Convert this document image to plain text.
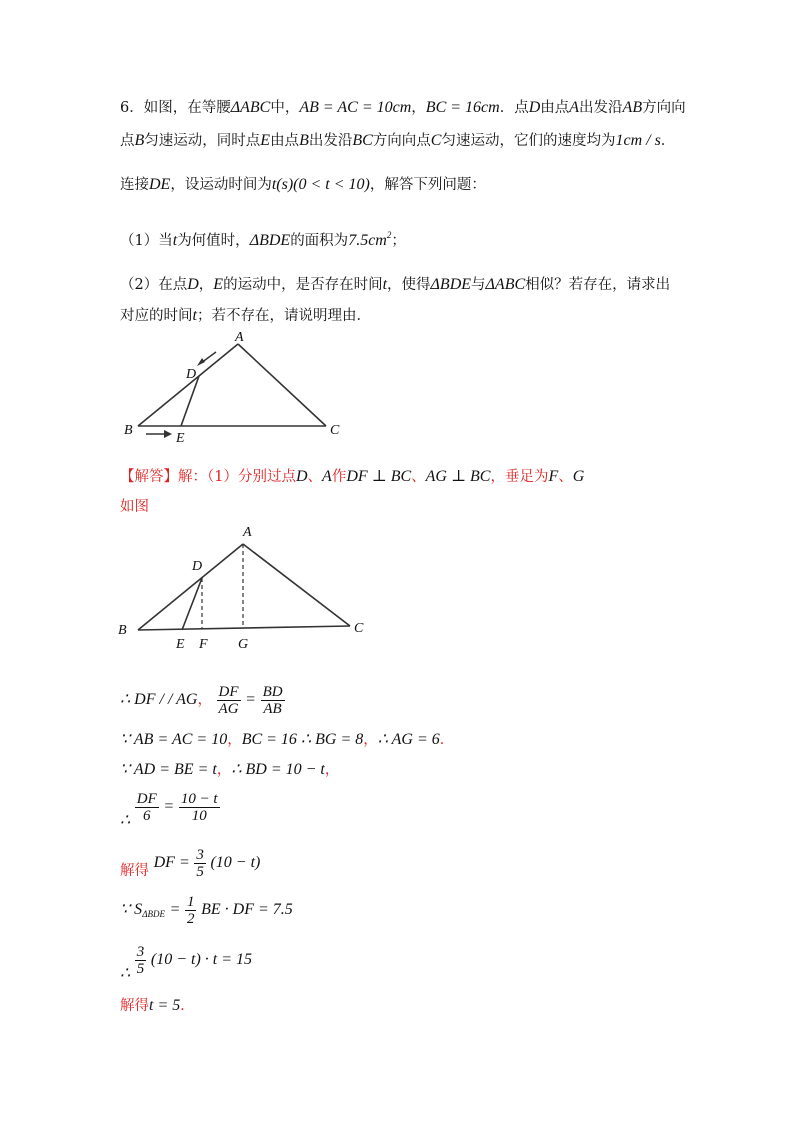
6．如图，在等腰ΔABC中，AB = AC = 10cm，BC = 16cm．点D由点A出发沿AB方向向
点B匀速运动，同时点E由点B出发沿BC方向向点C匀速运动，它们的速度均为1cm / s．
连接DE，设运动时间为t(s)(0 < t < 10)，解答下列问题：
（1）当t为何值时，ΔBDE的面积为$7.5cm^2$；
（2）在点D，E的运动中，是否存在时间t，使得ΔBDE与ΔABC相似？若存在，请求出
对应的时间t；若不存在，请说明理由．
A
D
B
E
C
【解答】解：（1）分别过点D、A作DF ⊥ BC、AG ⊥ BC，垂足为F、G
如图
A
D
B
E F G
C
∴ DF / / AG， $\frac{DF}{AG} = \frac{BD}{AB}$
∵ AB = AC = 10，BC = 16 ∴ BG = 8，∴ AG = 6．
∵ AD = BE = t，∴ BD = 10 − t，
∴ $\frac{DF}{6} = \frac{10 - t}{10}$
解得 DF = $\frac{3}{5} (10 - t)$
∵ $S_{\Delta BDE} = \frac{1}{2}$ BE · DF = 7.5
∴ $\frac{3}{5} (10 - t) \cdot t = 15$
解得t = 5．
